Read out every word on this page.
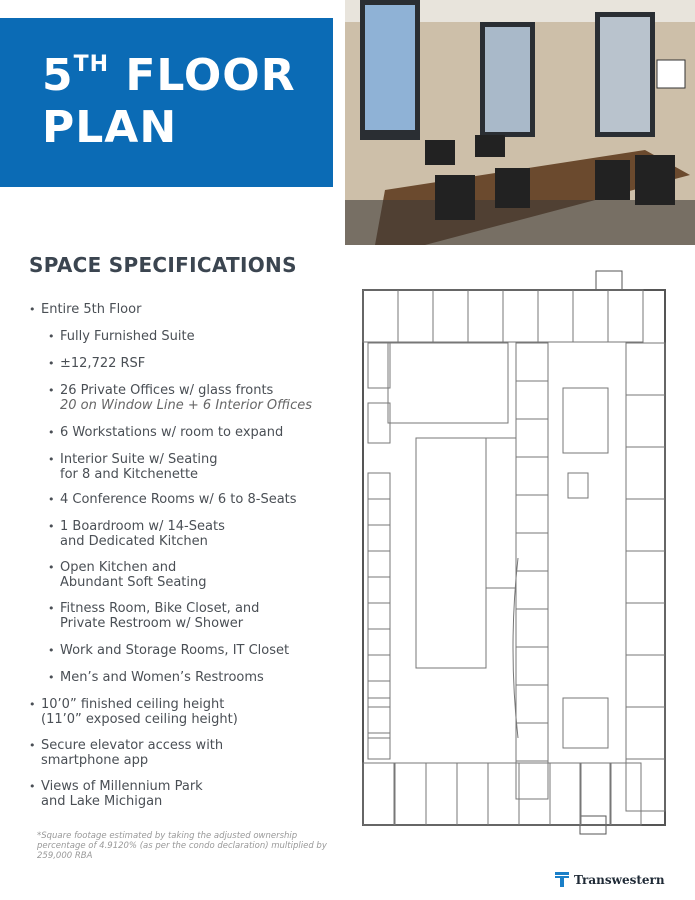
5TH FLOOR
PLAN
SPACE SPECIFICATIONS
• Entire 5th Floor
• Fully Furnished Suite
• ±12,722 RSF
• 26 Private Offices w/ glass fronts
20 on Window Line + 6 Interior Offices
• 6 Workstations w/ room to expand
• Interior Suite w/ Seating
for 8 and Kitchenette
• 4 Conference Rooms w/ 6 to 8-Seats
• 1 Boardroom w/ 14-Seats
and Dedicated Kitchen
• Open Kitchen and
Abundant Soft Seating
• Fitness Room, Bike Closet, and
Private Restroom w/ Shower
• Work and Storage Rooms, IT Closet
• Men’s and Women’s Restrooms
• 10’0” finished ceiling height
(11’0” exposed ceiling height)
• Secure elevator access with
smartphone app
• Views of Millennium Park
and Lake Michigan
*Square footage estimated by taking the adjusted ownership percentage of 4.9120% (as per the condo declaration) multiplied by 259,000 RBA
Transwestern
